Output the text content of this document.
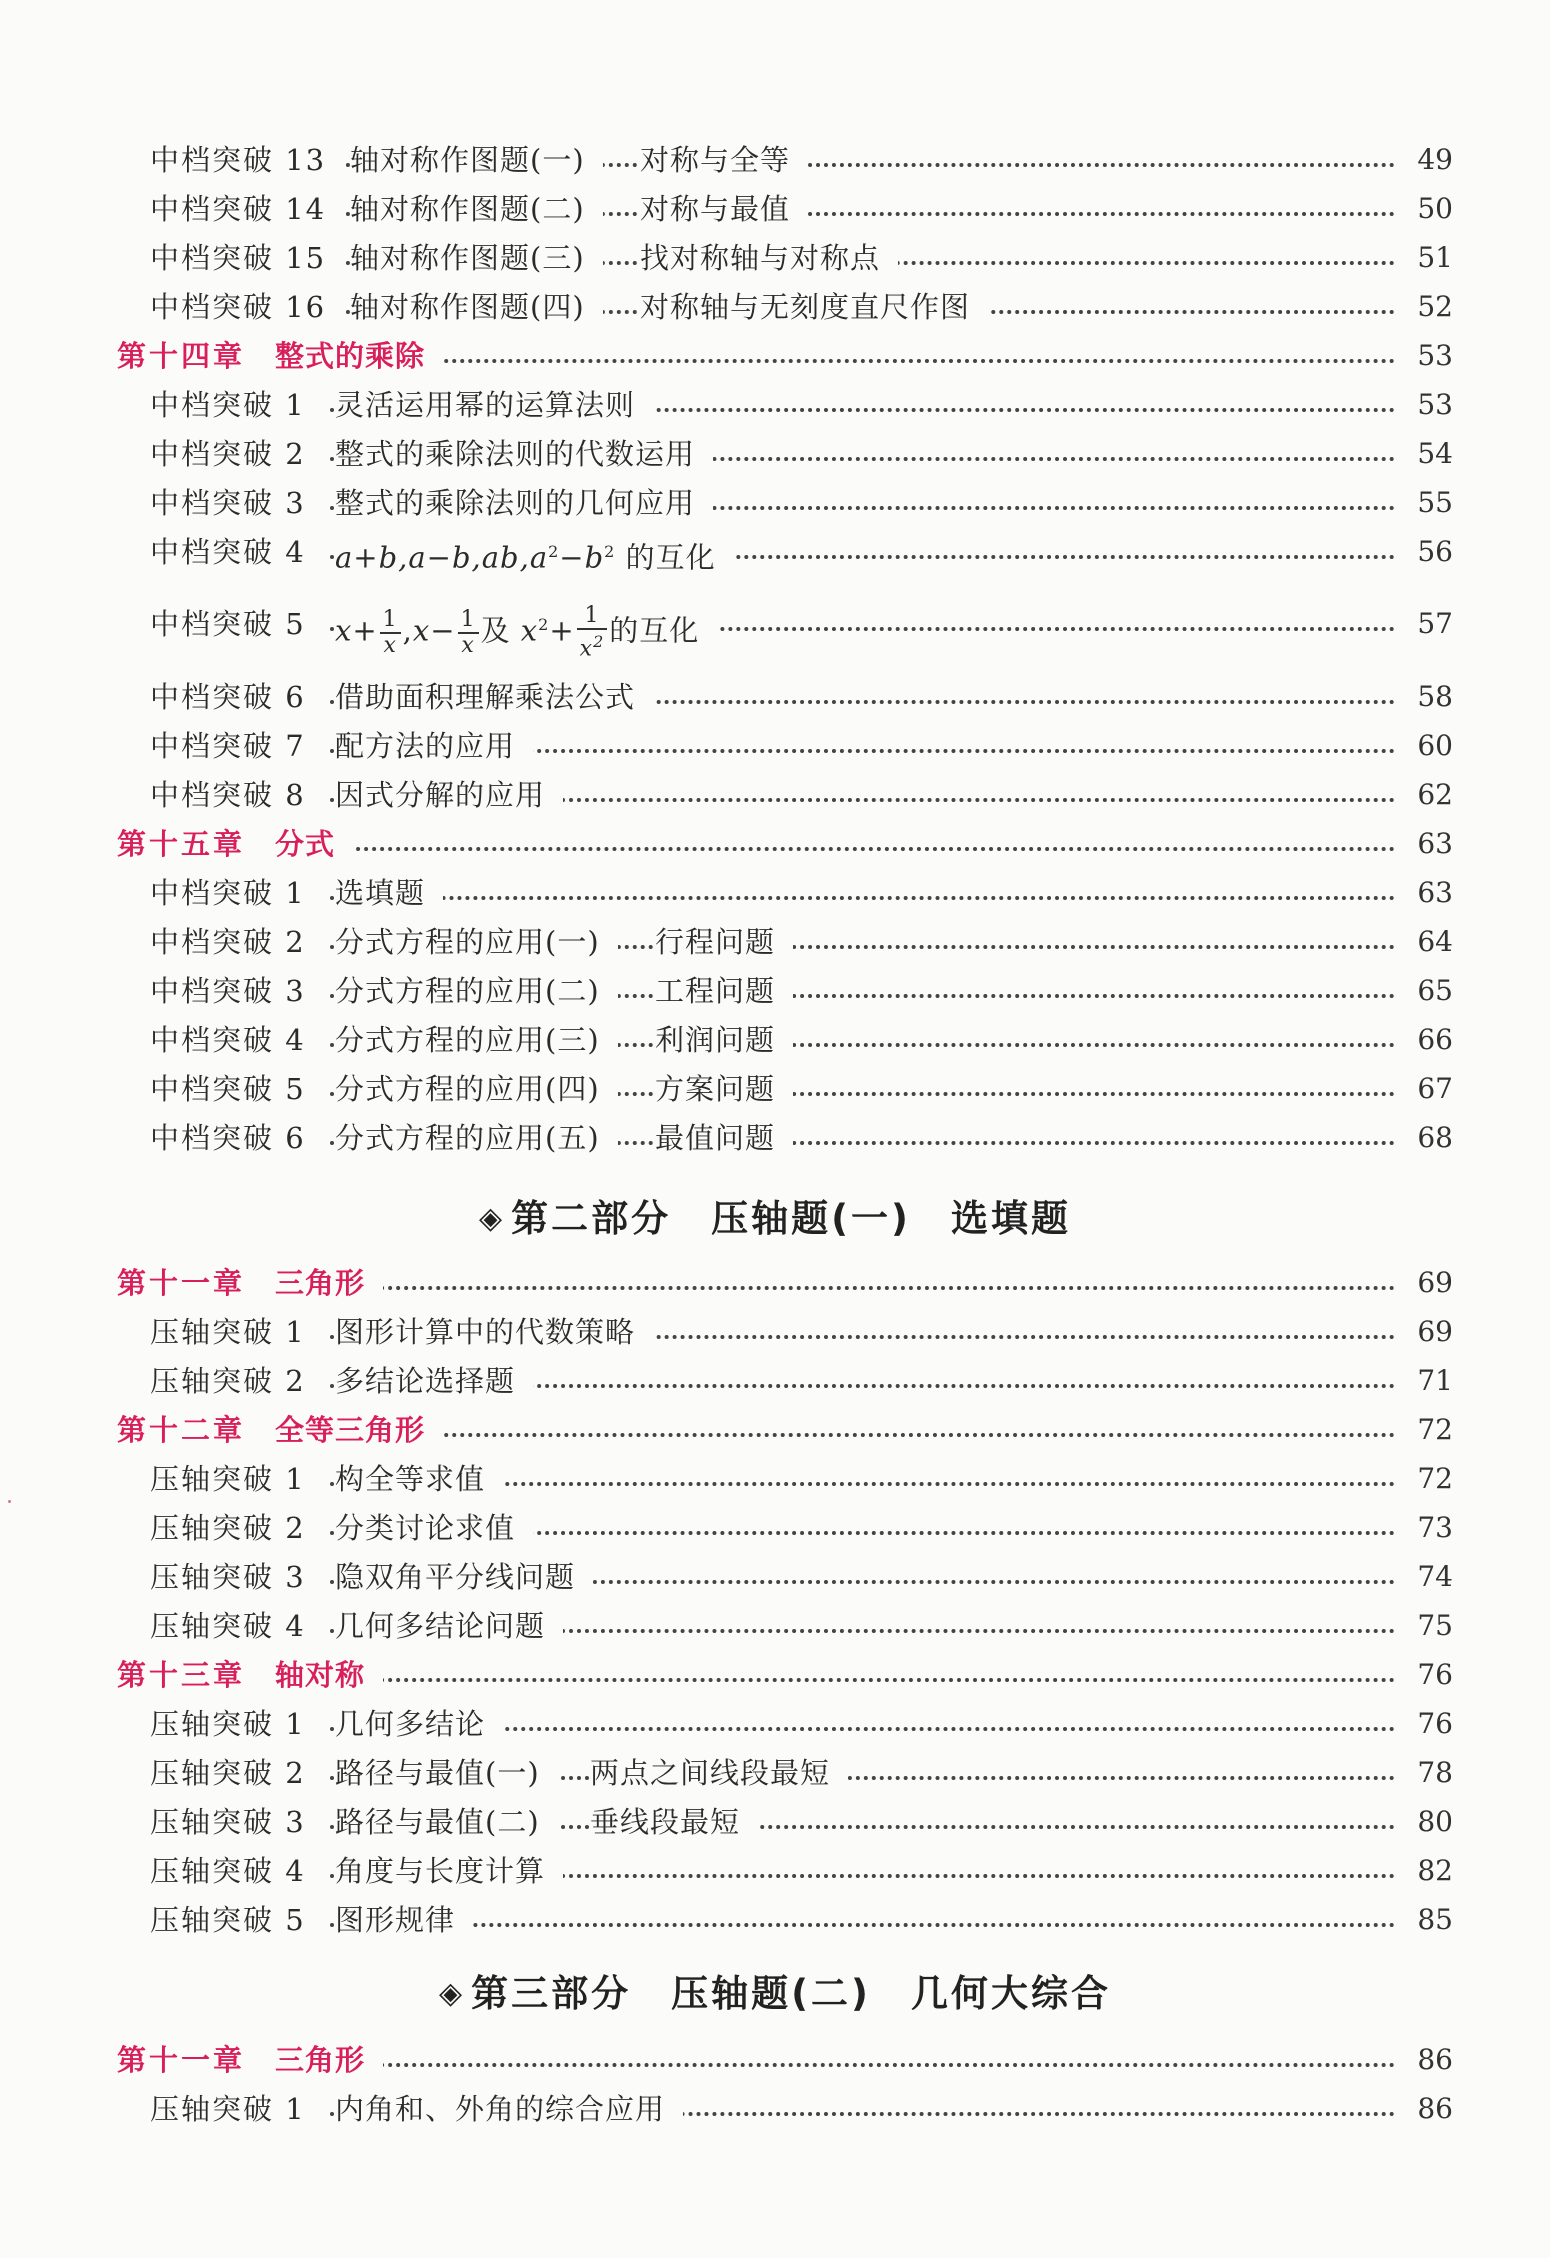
中档突破 13 轴对称作图题(一)	对称与全等	49
中档突破 14 轴对称作图题(二)	对称与最值	50
中档突破 15 轴对称作图题(三)	找对称轴与对称点	51
中档突破 16 轴对称作图题(四)	对称轴与无刻度直尺作图	52
第十四章	整式的乘除	53
中档突破 1	灵活运用幂的运算法则	53
中档突破 2	整式的乘除法则的代数运用	54
中档突破 3	整式的乘除法则的几何应用	55
中档突破 4	$a+b,a-b,ab,a^2-b^2$ 的互化	56
中档突破 5	$x+ \frac{1}{x} ,x- \frac{1}{x}$ 及 $x^2+ \frac{1}{x^2}$ 的互化	57
中档突破 6	借助面积理解乘法公式	58
中档突破 7	配方法的应用	60
中档突破 8	因式分解的应用	62
第十五章	分式	63
中档突破 1	选填题	63
中档突破 2	分式方程的应用(一)	行程问题	64
中档突破 3	分式方程的应用(二)	工程问题	65
中档突破 4	分式方程的应用(三)	利润问题	66
中档突破 5	分式方程的应用(四)	方案问题	67
中档突破 6	分式方程的应用(五)	最值问题	68
◈ 第二部分 压轴题(一) 选填题
第十一章	三角形	69
压轴突破 1	图形计算中的代数策略	69
压轴突破 2	多结论选择题	71
第十二章	全等三角形	72
压轴突破 1	构全等求值	72
压轴突破 2	分类讨论求值	73
压轴突破 3	隐双角平分线问题	74
压轴突破 4	几何多结论问题	75
第十三章	轴对称	76
压轴突破 1	几何多结论	76
压轴突破 2	路径与最值(一)	两点之间线段最短	78
压轴突破 3	路径与最值(二)	垂线段最短	80
压轴突破 4	角度与长度计算	82
压轴突破 5	图形规律	85
◈ 第三部分 压轴题(二) 几何大综合
第十一章	三角形	86
压轴突破 1	内角和、外角的综合应用	86
